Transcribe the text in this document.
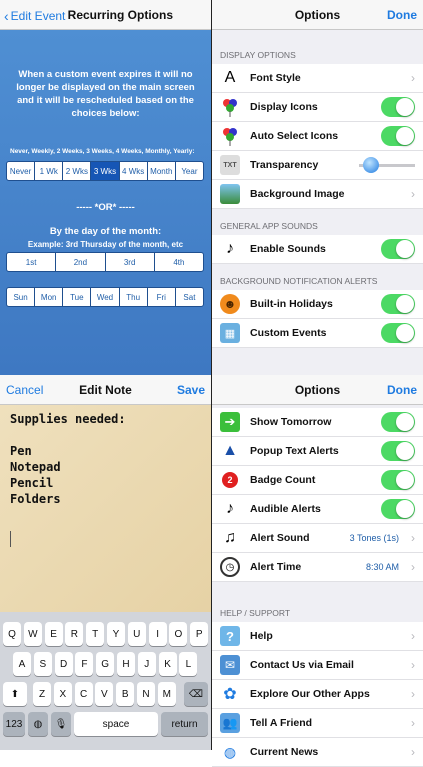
‹ Edit Event Recurring Options
When a custom event expires it will no longer be displayed on the main screen and it will be rescheduled based on the choices below:
Never, Weekly, 2 Weeks, 3 Weeks, 4 Weeks, Monthly, Yearly:
Never	1 Wk 2 Wks 3 Wks 4 Wks Month	Year
----- *OR* -----
By the day of the month:
Example: 3rd Thursday of the month, etc
1st	2nd	3rd	4th
Sun	Mon	Tue	Wed	Thu	Fri	Sat
Options	Done
DISPLAY OPTIONS
A	Font Style	›
Display Icons
Auto Select Icons
TXT	Transparency
Background Image	›
GENERAL APP SOUNDS
♪	Enable Sounds
BACKGROUND NOTIFICATION ALERTS
☻	Built-in Holidays
▦	Custom Events
Cancel	Edit Note	Save
Supplies needed:

Pen
Notepad
Pencil
Folders
Q	W	E	R	T	Y	U	I	O	P
A	S	D	F	G	H	J	K	L
⬆	Z	X	C	V	B	N	M	⌫
123	◍	🎙	space	return
Options	Done
➔	Show Tomorrow
▲ Popup Text Alerts
2	Badge Count
♪	Audible Alerts
♫	Alert Sound	3 Tones (1s) ›
◷	Alert Time	8:30 AM ›
HELP / SUPPORT
?	Help	›
✉	Contact Us via Email	›
✿	Explore Our Other Apps	›
👥 Tell A Friend	›
◍	Current News	›
